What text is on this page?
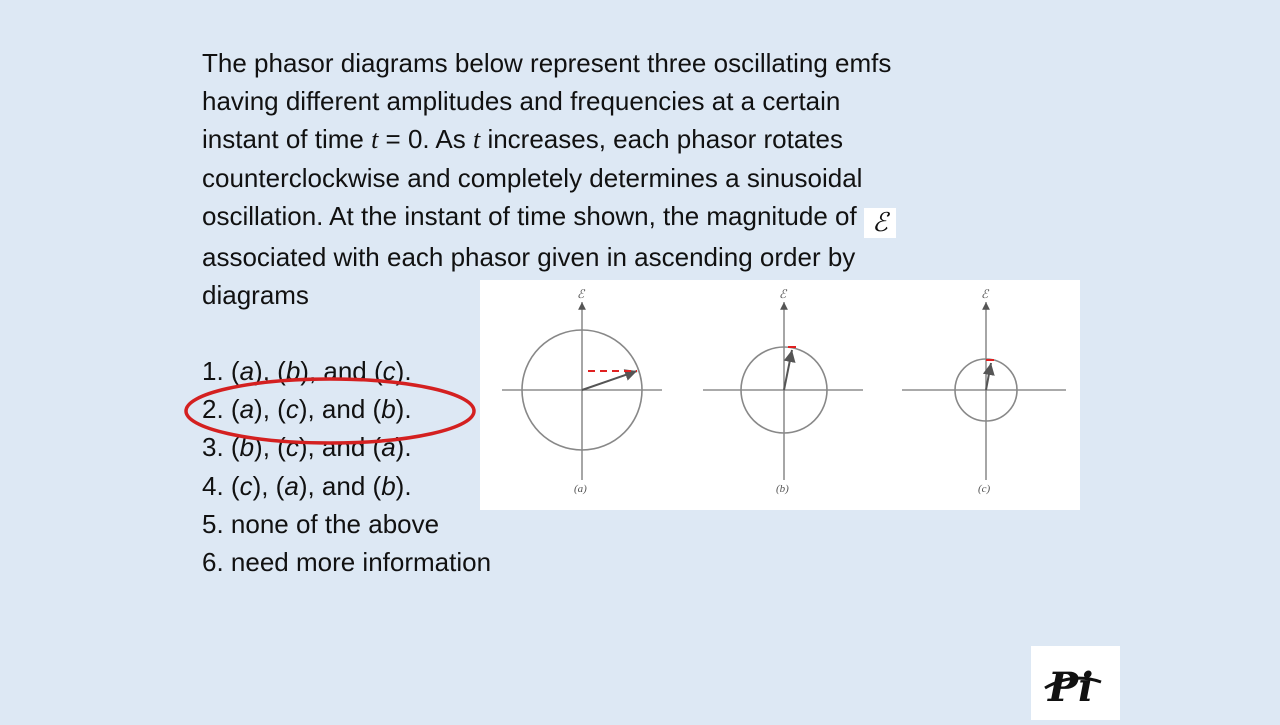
The phasor diagrams below represent three oscillating emfs
having different amplitudes and frequencies at a certain
instant of time t = 0. As t increases, each phasor rotates
counterclockwise and completely determines a sinusoidal
oscillation. At the instant of time shown, the magnitude of ℰ
associated with each phasor given in ascending order by
diagrams

1. (a), (b), and (c).
2. (a), (c), and (b).
3. (b), (c), and (a).
4. (c), (a), and (b).
5. none of the above
6. need more information
ℰ
(a)
ℰ
(b)
ℰ
(c)
Pi
